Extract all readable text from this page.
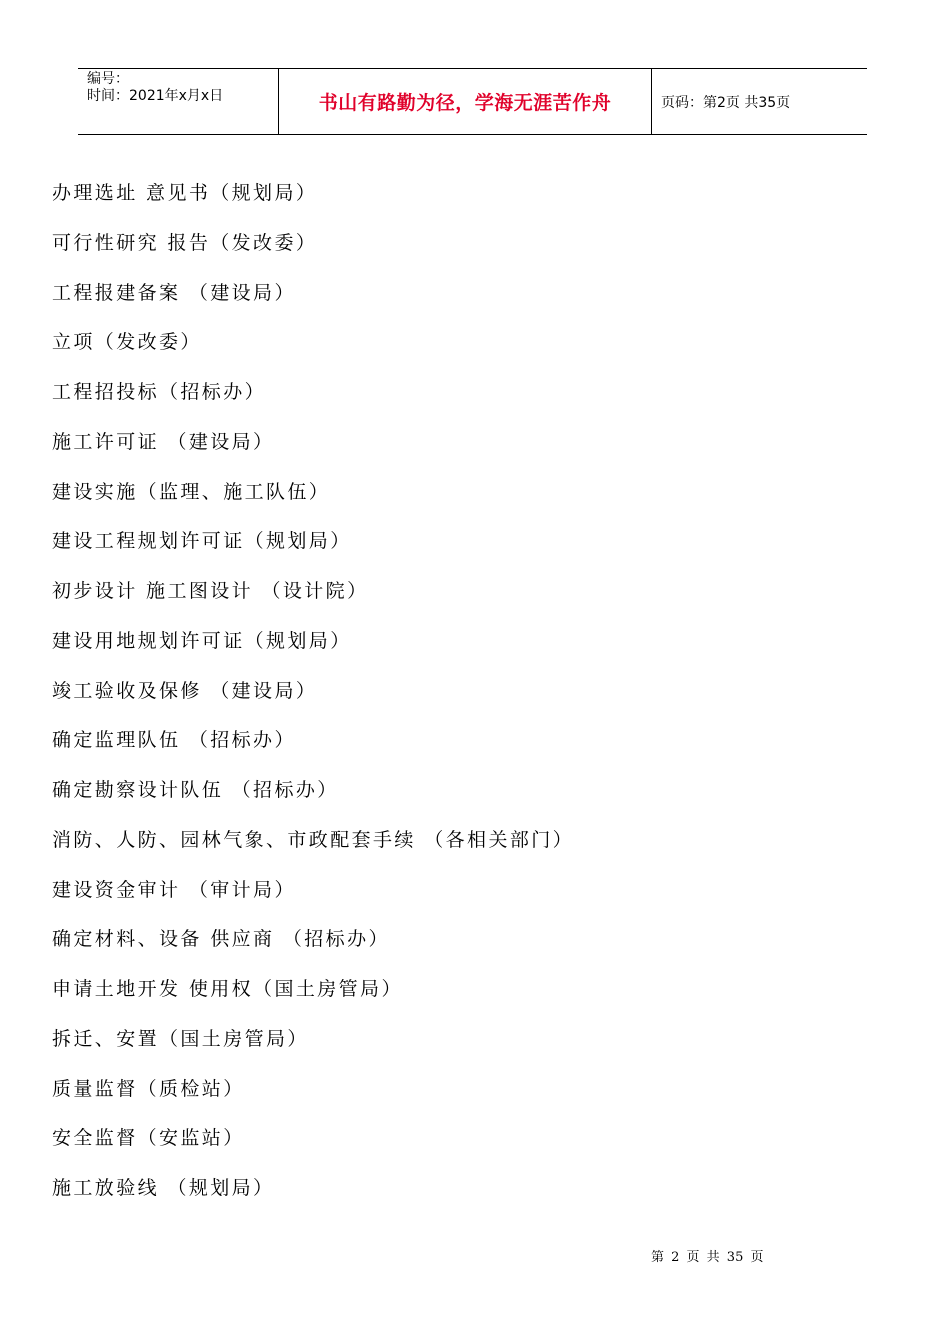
编号：
时间：2021年x月x日	书山有路勤为径，学海无涯苦作舟	页码：第2页 共35页
办理选址 意见书（规划局）
可行性研究 报告（发改委）
工程报建备案 （建设局）
立项（发改委）
工程招投标（招标办）
施工许可证 （建设局）
建设实施（监理、施工队伍）
建设工程规划许可证（规划局）
初步设计 施工图设计 （设计院）
建设用地规划许可证（规划局）
竣工验收及保修 （建设局）
确定监理队伍 （招标办）
确定勘察设计队伍 （招标办）
消防、人防、园林气象、市政配套手续 （各相关部门）
建设资金审计 （审计局）
确定材料、设备 供应商 （招标办）
申请土地开发 使用权（国土房管局）
拆迁、安置（国土房管局）
质量监督（质检站）
安全监督（安监站）
施工放验线 （规划局）
第 2 页 共 35 页
